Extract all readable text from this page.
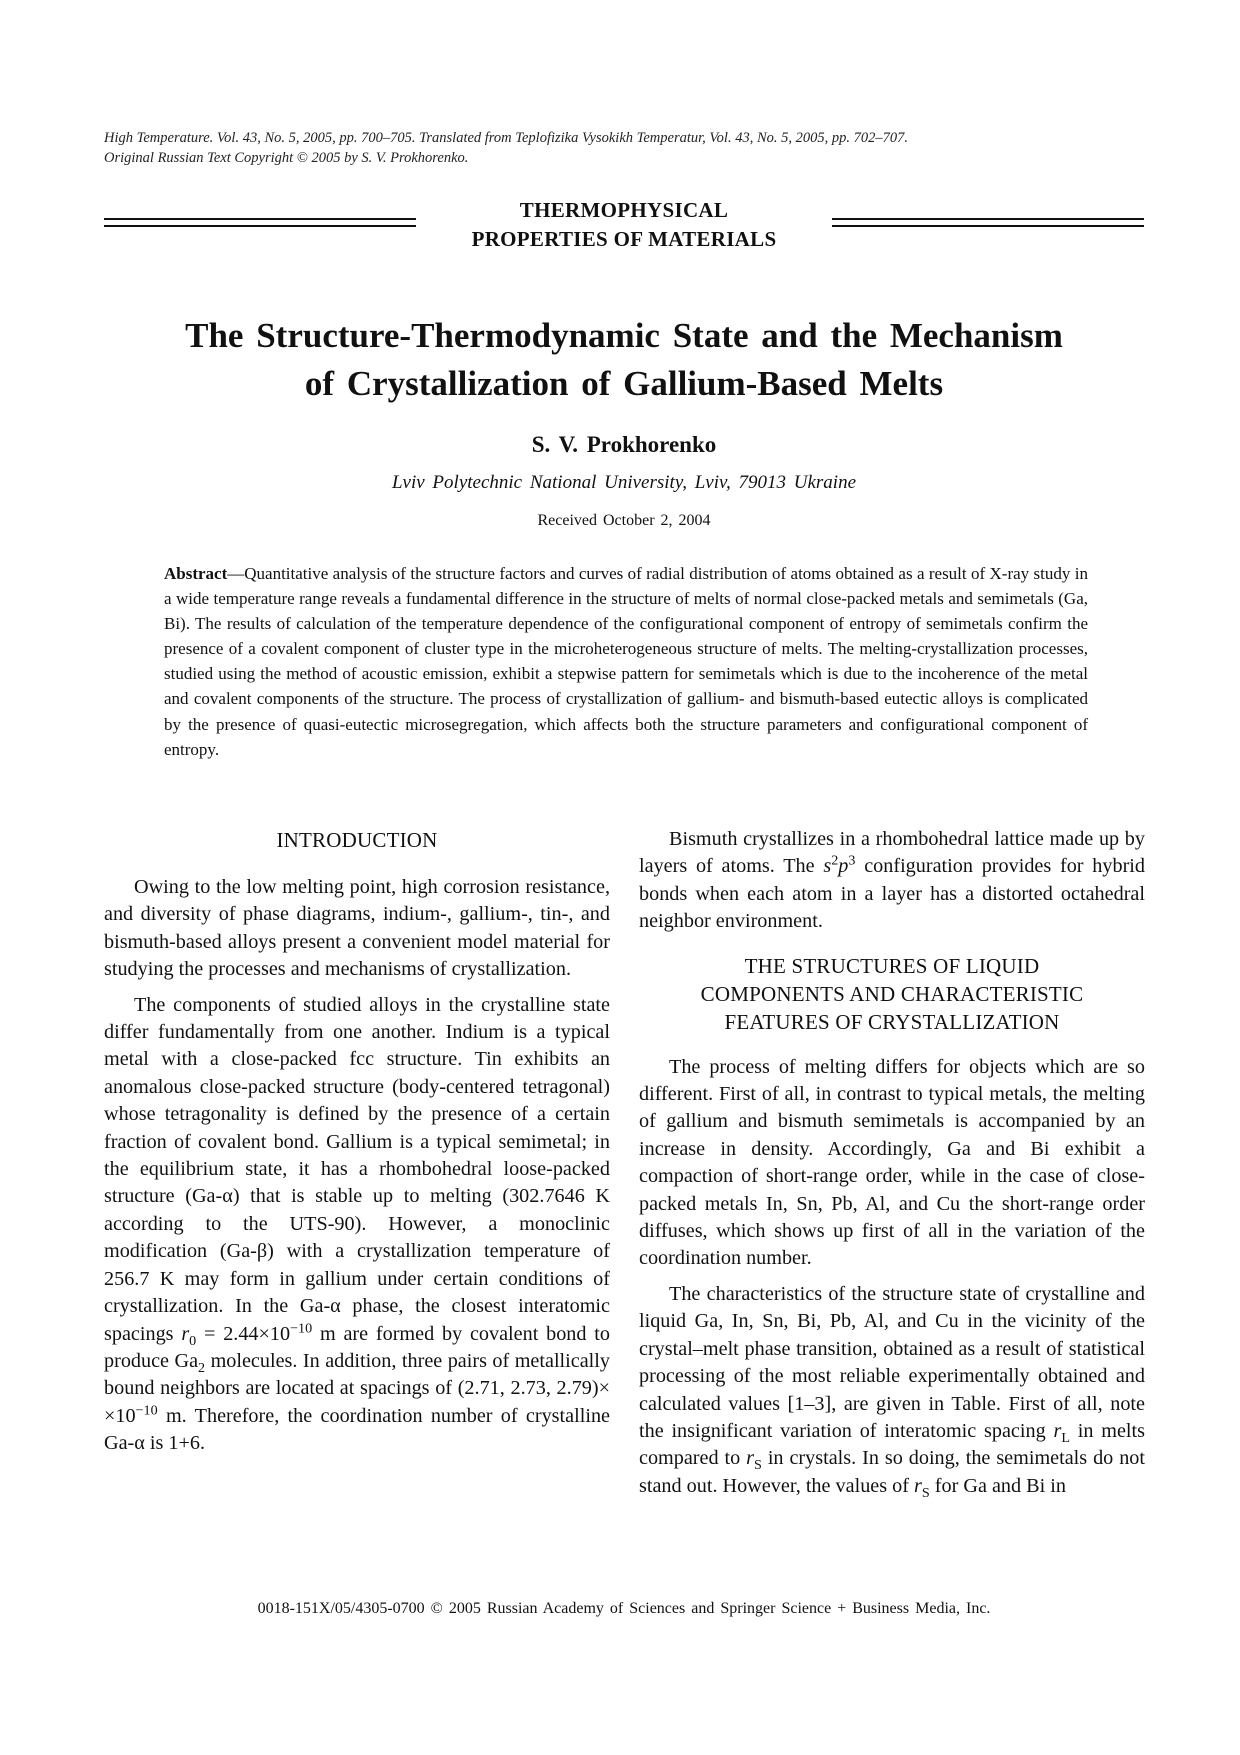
High Temperature. Vol. 43, No. 5, 2005, pp. 700–705. Translated from Teplofizika Vysokikh Temperatur, Vol. 43, No. 5, 2005, pp. 702–707.
Original Russian Text Copyright © 2005 by S. V. Prokhorenko.
THERMOPHYSICAL
PROPERTIES OF MATERIALS
The Structure-Thermodynamic State and the Mechanism
of Crystallization of Gallium-Based Melts
S. V. Prokhorenko
Lviv Polytechnic National University, Lviv, 79013 Ukraine
Received October 2, 2004
Abstract—Quantitative analysis of the structure factors and curves of radial distribution of atoms obtained as a result of X-ray study in a wide temperature range reveals a fundamental difference in the structure of melts of normal close-packed metals and semimetals (Ga, Bi). The results of calculation of the temperature dependence of the configurational component of entropy of semimetals confirm the presence of a covalent component of cluster type in the microheterogeneous structure of melts. The melting-crystallization processes, studied using the method of acoustic emission, exhibit a stepwise pattern for semimetals which is due to the incoherence of the metal and covalent components of the structure. The process of crystallization of gallium- and bismuth-based eutectic alloys is complicated by the presence of quasi-eutectic microsegregation, which affects both the structure parameters and configurational component of entropy.
INTRODUCTION

Owing to the low melting point, high corrosion resistance, and diversity of phase diagrams, indium-, gallium-, tin-, and bismuth-based alloys present a convenient model material for studying the processes and mechanisms of crystallization.

The components of studied alloys in the crystalline state differ fundamentally from one another. Indium is a typical metal with a close-packed fcc structure. Tin exhibits an anomalous close-packed structure (body-centered tetragonal) whose tetragonality is defined by the presence of a certain fraction of covalent bond. Gallium is a typical semimetal; in the equilibrium state, it has a rhombohedral loose-packed structure (Ga-α) that is stable up to melting (302.7646 K according to the UTS-90). However, a monoclinic modification (Ga-β) with a crystallization temperature of 256.7 K may form in gallium under certain conditions of crystallization. In the Ga-α phase, the closest interatomic spacings $r_0 = 2.44\times 10^{-10}$ m are formed by covalent bond to produce $Ga_2$ molecules. In addition, three pairs of metallically bound neighbors are located at spacings of (2.71, 2.73, $2.79)\times \times 10^{-10}$ m. Therefore, the coordination number of crystalline Ga-α is 1+6.

Bismuth crystallizes in a rhombohedral lattice made up by layers of atoms. The $s^2p^3$ configuration provides for hybrid bonds when each atom in a layer has a distorted octahedral neighbor environment.

THE STRUCTURES OF LIQUID
COMPONENTS AND CHARACTERISTIC
FEATURES OF CRYSTALLIZATION

The process of melting differs for objects which are so different. First of all, in contrast to typical metals, the melting of gallium and bismuth semimetals is accompanied by an increase in density. Accordingly, Ga and Bi exhibit a compaction of short-range order, while in the case of close-packed metals In, Sn, Pb, Al, and Cu the short-range order diffuses, which shows up first of all in the variation of the coordination number.

The characteristics of the structure state of crystalline and liquid Ga, In, Sn, Bi, Pb, Al, and Cu in the vicinity of the crystal–melt phase transition, obtained as a result of statistical processing of the most reliable experimentally obtained and calculated values [1–3], are given in Table. First of all, note the insignificant variation of interatomic spacing $r_L$ in melts compared to $r_S$ in crystals. In so doing, the semimetals do not stand out. However, the values of $r_S$ for Ga and Bi in

0018-151X/05/4305-0700 © 2005 Russian Academy of Sciences and Springer Science + Business Media, Inc.
